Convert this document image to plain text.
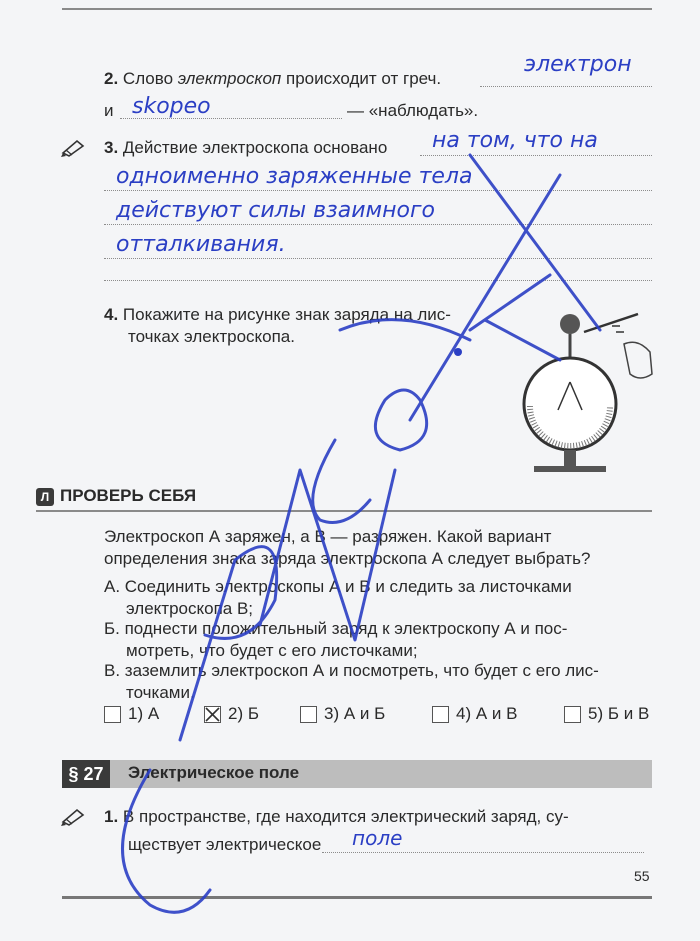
2. Слово электроскоп происходит от греч.
электрон
и skopeo	— «наблюдать».
3. Действие электроскопа основано на том, что на
одноименно заряженные тела
действуют силы взаимного
отталкивания.
4. Покажите на рисунке знак заряда на лис-
точках электроскопа.
Л ПРОВЕРЬ СЕБЯ
Электроскоп А заряжен, а В — разряжен. Какой вариант
определения знака заряда электроскопа А следует выбрать?
А. Соединить электроскопы А и В и следить за листочками
электроскопа В;
Б. поднести положительный заряд к электроскопу А и пос-
мотреть, что будет с его листочками;
В. заземлить электроскоп А и посмотреть, что будет с его лис-
точками.
1) А	2) Б	3) А и Б	4) А и В	5) Б и В
§ 27	Электрическое поле
1. В пространстве, где находится электрический заряд, су-
ществует электрическое поле
55
